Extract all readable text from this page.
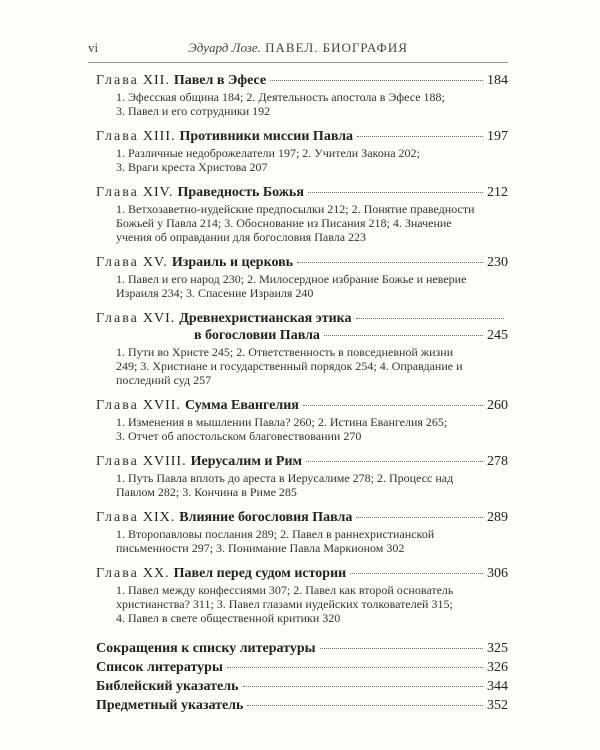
vi	Эдуард Лозе. ПАВЕЛ. БИОГРАФИЯ
Глава XII. Павел в Эфесе	184
1. Эфесская община 184; 2. Деятельность апостола в Эфесе 188;
3. Павел и его сотрудники 192
Глава XIII. Противники миссии Павла	197
1. Различные недоброжелатели 197; 2. Учители Закона 202;
3. Враги креста Христова 207
Глава XIV. Праведность Божья	212
1. Ветхозаветно-иудейские предпосылки 212; 2. Понятие праведности
Божьей у Павла 214; 3. Обоснование из Писания 218; 4. Значение
учения об оправдании для богословия Павла 223
Глава XV. Израиль и церковь	230
1. Павел и его народ 230; 2. Милосердное избрание Божье и неверие
Израиля 234; 3. Спасение Израиля 240
Глава XVI. Древнехристианская этика
в богословии Павла	245
1. Пути во Христе 245; 2. Ответственность в повседневной жизни
249; 3. Христиане и государственный порядок 254; 4. Оправдание и
последний суд 257
Глава XVII. Сумма Евангелия	260
1. Изменения в мышлении Павла? 260; 2. Истина Евангелия 265;
3. Отчет об апостольском благовествовании 270
Глава XVIII. Иерусалим и Рим	278
1. Путь Павла вплоть до ареста в Иерусалиме 278; 2. Процесс над
Павлом 282; 3. Кончина в Риме 285
Глава XIX. Влияние богословия Павла	289
1. Второпавловы послания 289; 2. Павел в раннехристианской
письменности 297; 3. Понимание Павла Маркионом 302
Глава XX. Павел перед судом истории	306
1. Павел между конфессиями 307; 2. Павел как второй основатель
христианства? 311; 3. Павел глазами иудейских толкователей 315;
4. Павел в свете общественной критики 320
Сокращения к списку литературы	325
Список литературы	326
Библейский указатель	344
Предметный указатель	352
